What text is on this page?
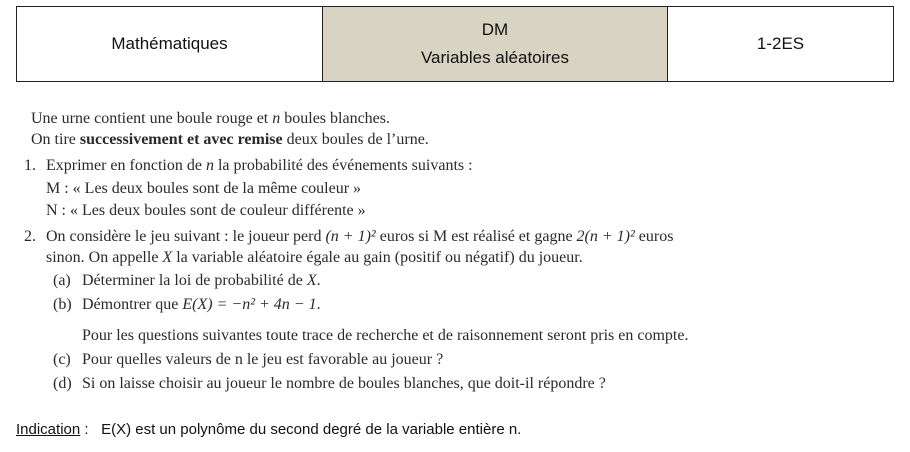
Mathématiques
DM
Variables aléatoires
1-2ES
Une urne contient une boule rouge et n boules blanches.
On tire successivement et avec remise deux boules de l’urne.
1. Exprimer en fonction de n la probabilité des événements suivants :
M : « Les deux boules sont de la même couleur »
N : « Les deux boules sont de couleur différente »
2. On considère le jeu suivant : le joueur perd (n + 1)² euros si M est réalisé et gagne 2(n + 1)² euros
sinon. On appelle X la variable aléatoire égale au gain (positif ou négatif) du joueur.
(a) Déterminer la loi de probabilité de X.
(b) Démontrer que E(X) = −n² + 4n − 1.
Pour les questions suivantes toute trace de recherche et de raisonnement seront pris en compte.
(c) Pour quelles valeurs de n le jeu est favorable au joueur ?
(d) Si on laisse choisir au joueur le nombre de boules blanches, que doit-il répondre ?
Indication : E(X) est un polynôme du second degré de la variable entière n.
